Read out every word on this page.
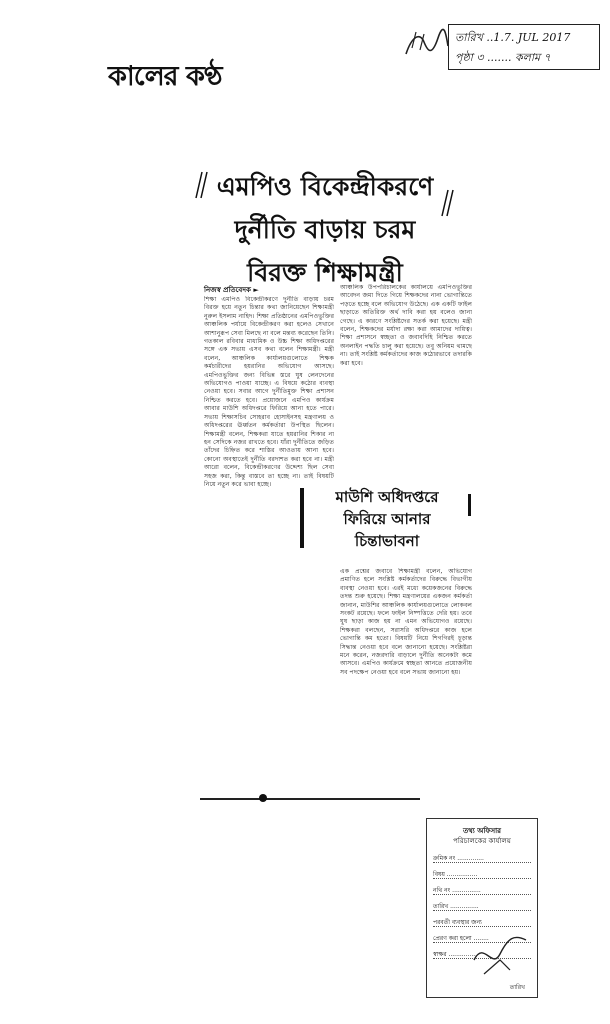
তারিখ ..1.7. JUL 2017
পৃষ্ঠা ৩ ....... কলাম ৭
কালের কণ্ঠ
এমপিও বিকেন্দ্রীকরণে
দুর্নীতি বাড়ায় চরম
বিরক্ত শিক্ষামন্ত্রী
নিজস্ব প্রতিবেদক ►
শিক্ষা এমপিও বিকেন্দ্রীকরণে দুর্নীতি বাড়ায় চরম বিরক্ত হয়ে নতুন চিন্তার কথা জানিয়েছেন শিক্ষামন্ত্রী নুরুল ইসলাম নাহিদ। শিক্ষা প্রতিষ্ঠানের এমপিওভুক্তির আঞ্চলিক পর্যায়ে বিকেন্দ্রীকরণ করা হলেও সেখানে আশানুরূপ সেবা মিলছে না বলে মন্তব্য করেছেন তিনি। গতকাল রবিবার মাধ্যমিক ও উচ্চ শিক্ষা অধিদপ্তরের সঙ্গে এক সভায় এসব কথা বলেন শিক্ষামন্ত্রী। মন্ত্রী বলেন, আঞ্চলিক কার্যালয়গুলোতে শিক্ষক কর্মচারীদের হয়রানির অভিযোগ আসছে। এমপিওভুক্তির জন্য বিভিন্ন স্তরে ঘুষ লেনদেনের অভিযোগও পাওয়া যাচ্ছে। এ বিষয়ে কঠোর ব্যবস্থা নেওয়া হবে। সবার আগে দুর্নীতিমুক্ত শিক্ষা প্রশাসন নিশ্চিত করতে হবে। প্রয়োজনে এমপিও কার্যক্রম আবার মাউশি অধিদপ্তরে ফিরিয়ে আনা হতে পারে। সভায় শিক্ষাসচিব সোহরাব হোসাইনসহ মন্ত্রণালয় ও অধিদপ্তরের ঊর্ধ্বতন কর্মকর্তারা উপস্থিত ছিলেন। শিক্ষামন্ত্রী বলেন, শিক্ষকরা যাতে হয়রানির শিকার না হন সেদিকে নজর রাখতে হবে। যাঁরা দুর্নীতিতে জড়িত তাঁদের চিহ্নিত করে শাস্তির আওতায় আনা হবে। কোনো অবস্থাতেই দুর্নীতি বরদাশত করা হবে না। মন্ত্রী আরো বলেন, বিকেন্দ্রীকরণের উদ্দেশ্য ছিল সেবা সহজ করা, কিন্তু বাস্তবে তা হচ্ছে না। তাই বিষয়টি নিয়ে নতুন করে ভাবা হচ্ছে।
আঞ্চলিক উপপরিচালকের কার্যালয়ে এমপিওভুক্তির আবেদন জমা দিতে গিয়ে শিক্ষকদের নানা ভোগান্তিতে পড়তে হচ্ছে বলে অভিযোগ উঠেছে। এক একটি ফাইল ছাড়াতে অতিরিক্ত অর্থ দাবি করা হয় বলেও জানা গেছে। এ কারণে সংশ্লিষ্টদের সতর্ক করা হয়েছে। মন্ত্রী বলেন, শিক্ষকদের মর্যাদা রক্ষা করা আমাদের দায়িত্ব। শিক্ষা প্রশাসনে স্বচ্ছতা ও জবাবদিহি নিশ্চিত করতে অনলাইন পদ্ধতি চালু করা হয়েছে। তবু অনিয়ম থামছে না। তাই সংশ্লিষ্ট কর্মকর্তাদের কাজ কঠোরভাবে তদারকি করা হবে।
এক প্রশ্নের জবাবে শিক্ষামন্ত্রী বলেন, অভিযোগ প্রমাণিত হলে সংশ্লিষ্ট কর্মকর্তাদের বিরুদ্ধে বিভাগীয় ব্যবস্থা নেওয়া হবে। এরই মধ্যে কয়েকজনের বিরুদ্ধে তদন্ত শুরু হয়েছে। শিক্ষা মন্ত্রণালয়ের একজন কর্মকর্তা জানান, মাউশির আঞ্চলিক কার্যালয়গুলোতে লোকবল সংকট রয়েছে। ফলে ফাইল নিষ্পত্তিতে দেরি হয়। তবে ঘুষ ছাড়া কাজ হয় না এমন অভিযোগও রয়েছে। শিক্ষকরা বলছেন, সরাসরি অধিদপ্তরে কাজ হলে ভোগান্তি কম হতো। বিষয়টি নিয়ে শিগগিরই চূড়ান্ত সিদ্ধান্ত নেওয়া হবে বলে জানানো হয়েছে। সংশ্লিষ্টরা মনে করেন, নজরদারি বাড়ালে দুর্নীতি অনেকটা কমে আসবে। এমপিও কার্যক্রমে স্বচ্ছতা আনতে প্রয়োজনীয় সব পদক্ষেপ নেওয়া হবে বলে সভায় জানানো হয়।
মাউশি অধিদপ্তরে
ফিরিয়ে আনার
চিন্তাভাবনা
তথ্য অফিসার
পরিচালকের কার্যালয়
ক্রমিক নং ..............
বিষয় ................
নথি নং ...............
তারিখ ...............
পরবর্তী ব্যবস্থার জন্য
প্রেরণ করা হলো ........
স্বাক্ষর ...............
তারিখ
